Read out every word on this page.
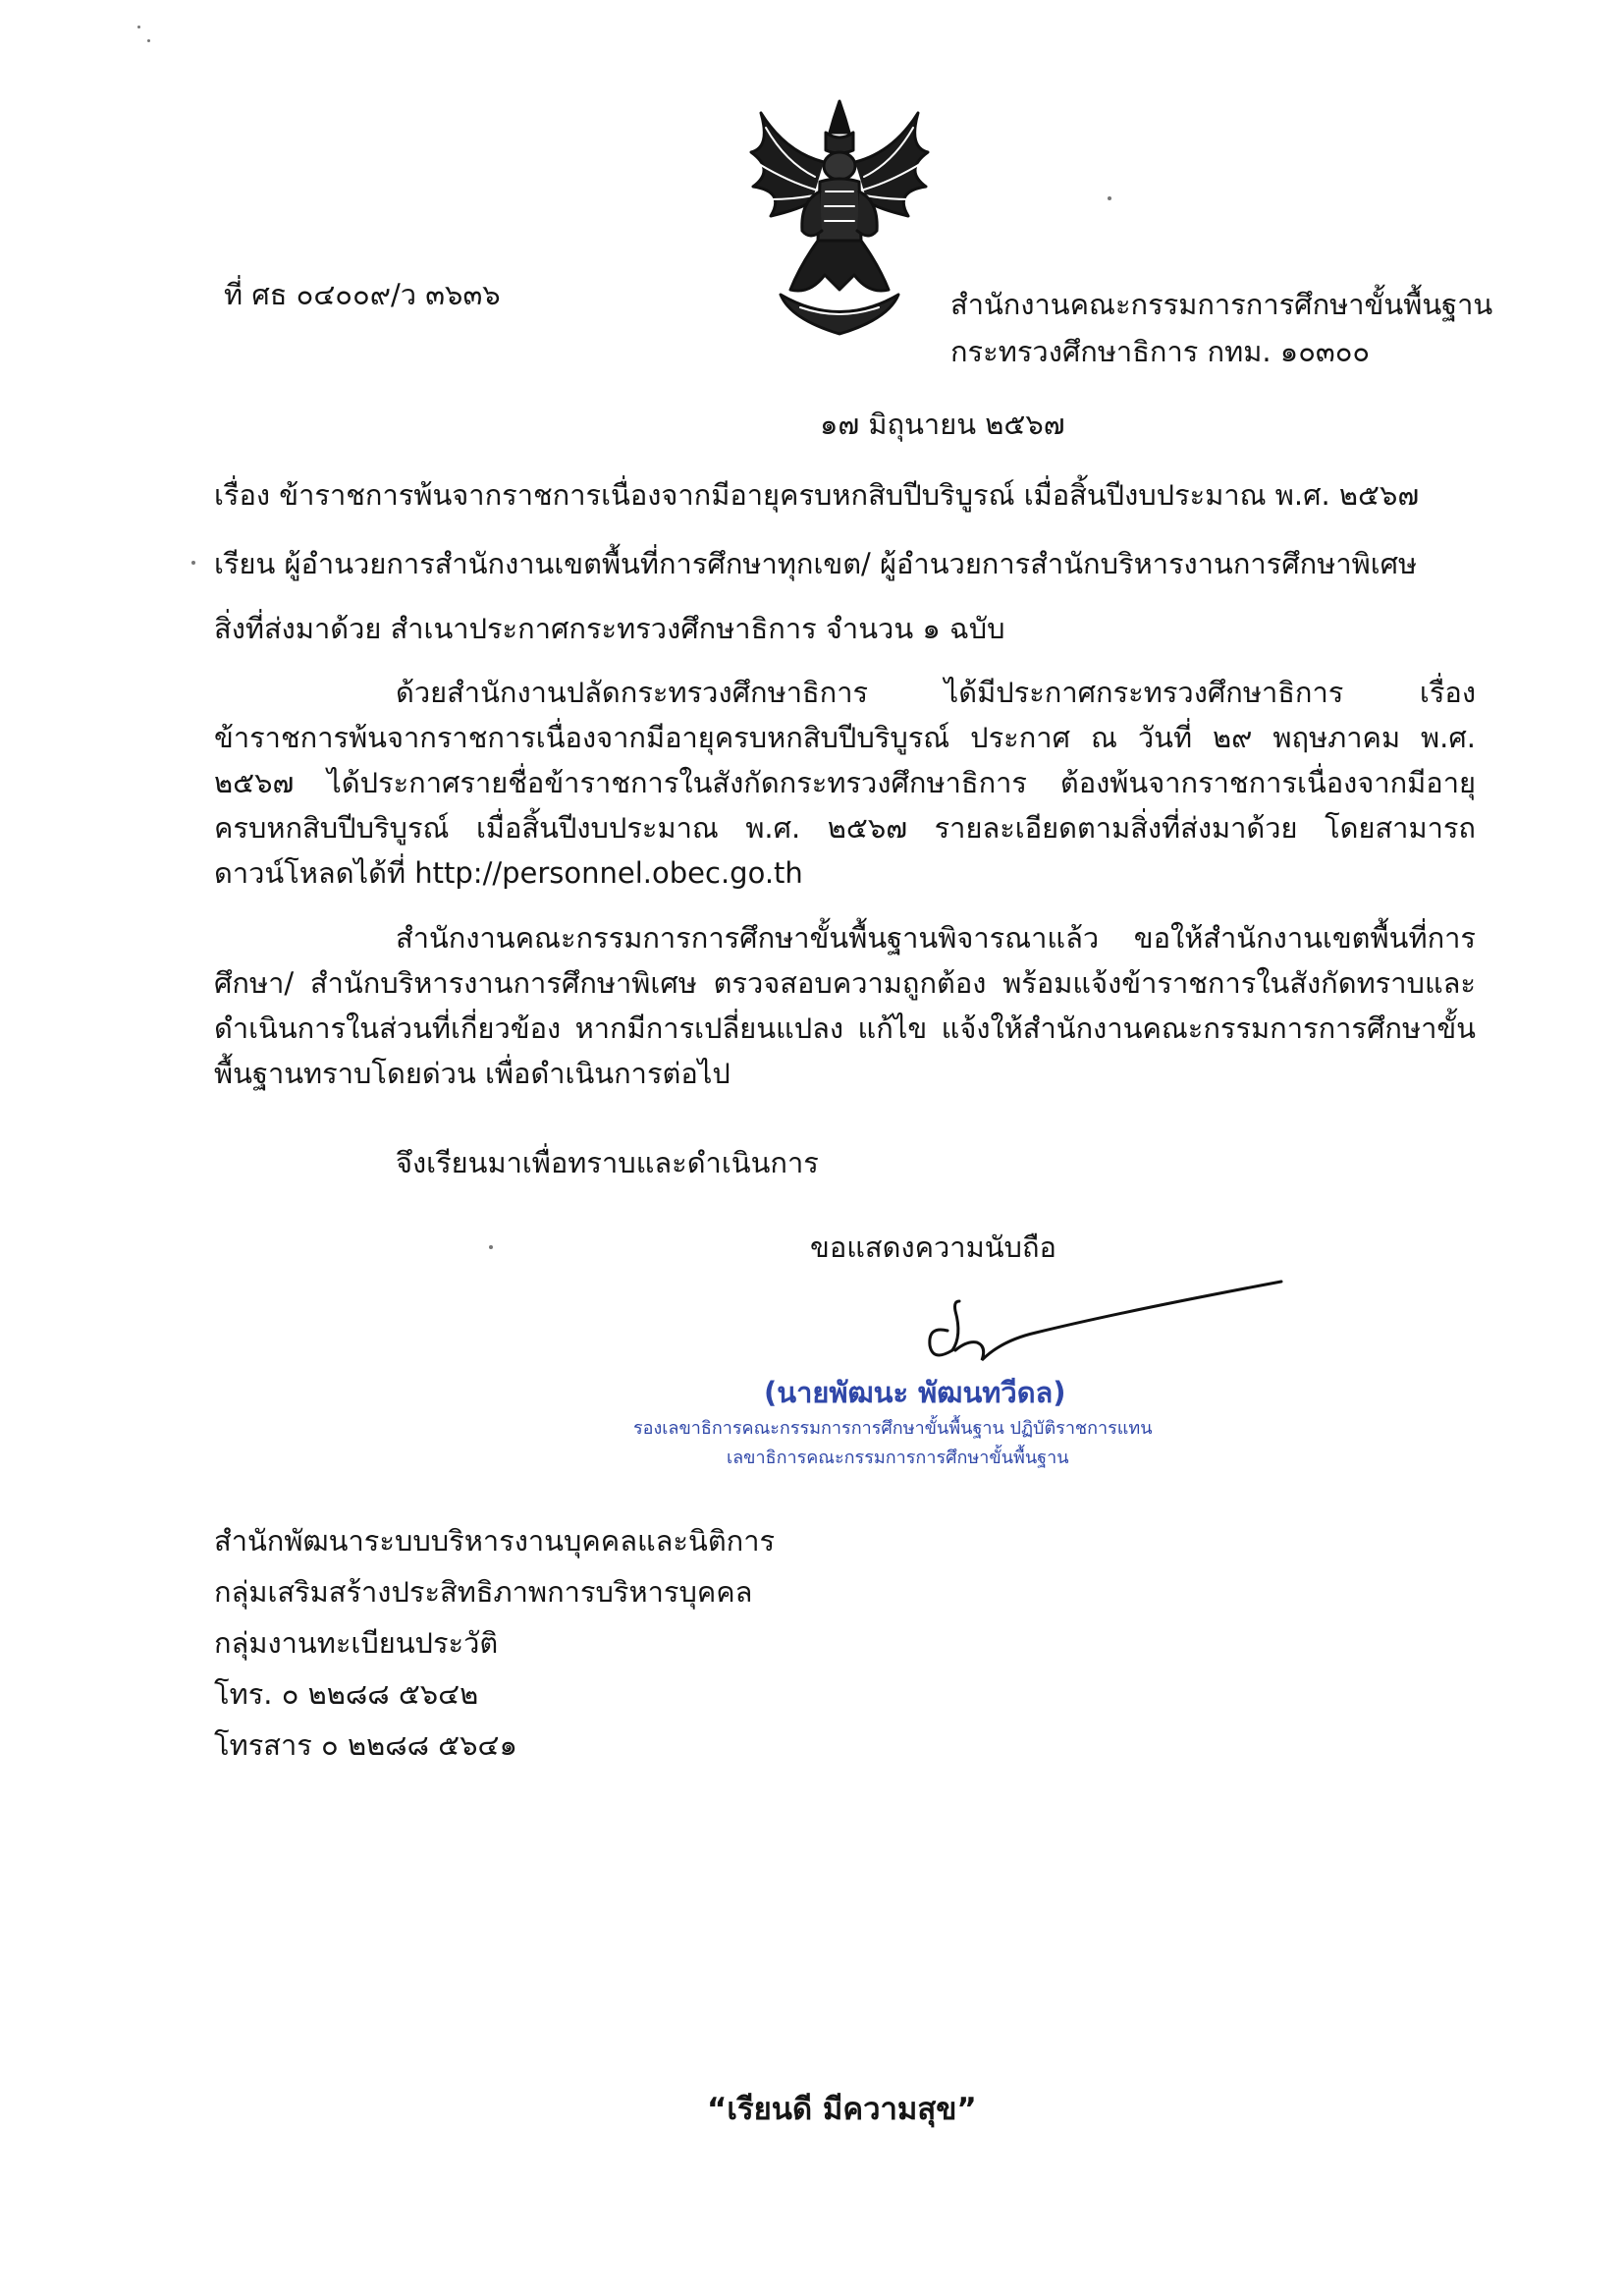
ที่ ศธ ๐๔๐๐๙/ว ๓๖๓๖	สำนักงานคณะกรรมการการศึกษาขั้นพื้นฐาน
กระทรวงศึกษาธิการ กทม. ๑๐๓๐๐
๑๗ มิถุนายน ๒๕๖๗
เรื่อง ข้าราชการพ้นจากราชการเนื่องจากมีอายุครบหกสิบปีบริบูรณ์ เมื่อสิ้นปีงบประมาณ พ.ศ. ๒๕๖๗
เรียน ผู้อำนวยการสำนักงานเขตพื้นที่การศึกษาทุกเขต/ ผู้อำนวยการสำนักบริหารงานการศึกษาพิเศษ
สิ่งที่ส่งมาด้วย สำเนาประกาศกระทรวงศึกษาธิการ จำนวน ๑ ฉบับ

ด้วยสำนักงานปลัดกระทรวงศึกษาธิการ ได้มีประกาศกระทรวงศึกษาธิการ เรื่อง ข้าราชการพ้นจากราชการเนื่องจากมีอายุครบหกสิบปีบริบูรณ์ ประกาศ ณ วันที่ ๒๙ พฤษภาคม พ.ศ. ๒๕๖๗ ได้ประกาศรายชื่อข้าราชการในสังกัดกระทรวงศึกษาธิการ ต้องพ้นจากราชการเนื่องจากมีอายุครบหกสิบปีบริบูรณ์ เมื่อสิ้นปีงบประมาณ พ.ศ. ๒๕๖๗ รายละเอียดตามสิ่งที่ส่งมาด้วย โดยสามารถดาวน์โหลดได้ที่ http://personnel.obec.go.th

สำนักงานคณะกรรมการการศึกษาขั้นพื้นฐานพิจารณาแล้ว ขอให้สำนักงานเขตพื้นที่การศึกษา/ สำนักบริหารงานการศึกษาพิเศษ ตรวจสอบความถูกต้อง พร้อมแจ้งข้าราชการในสังกัดทราบและดำเนินการในส่วนที่เกี่ยวข้อง หากมีการเปลี่ยนแปลง แก้ไข แจ้งให้สำนักงานคณะกรรมการการศึกษาขั้นพื้นฐานทราบโดยด่วน เพื่อดำเนินการต่อไป

จึงเรียนมาเพื่อทราบและดำเนินการ
ขอแสดงความนับถือ
(นายพัฒนะ พัฒนทวีดล)
รองเลขาธิการคณะกรรมการการศึกษาขั้นพื้นฐาน ปฏิบัติราชการแทน
เลขาธิการคณะกรรมการการศึกษาขั้นพื้นฐาน
สำนักพัฒนาระบบบริหารงานบุคคลและนิติการ
กลุ่มเสริมสร้างประสิทธิภาพการบริหารบุคคล
กลุ่มงานทะเบียนประวัติ
โทร. ๐ ๒๒๘๘ ๕๖๔๒
โทรสาร ๐ ๒๒๘๘ ๕๖๔๑
“เรียนดี มีความสุข”
